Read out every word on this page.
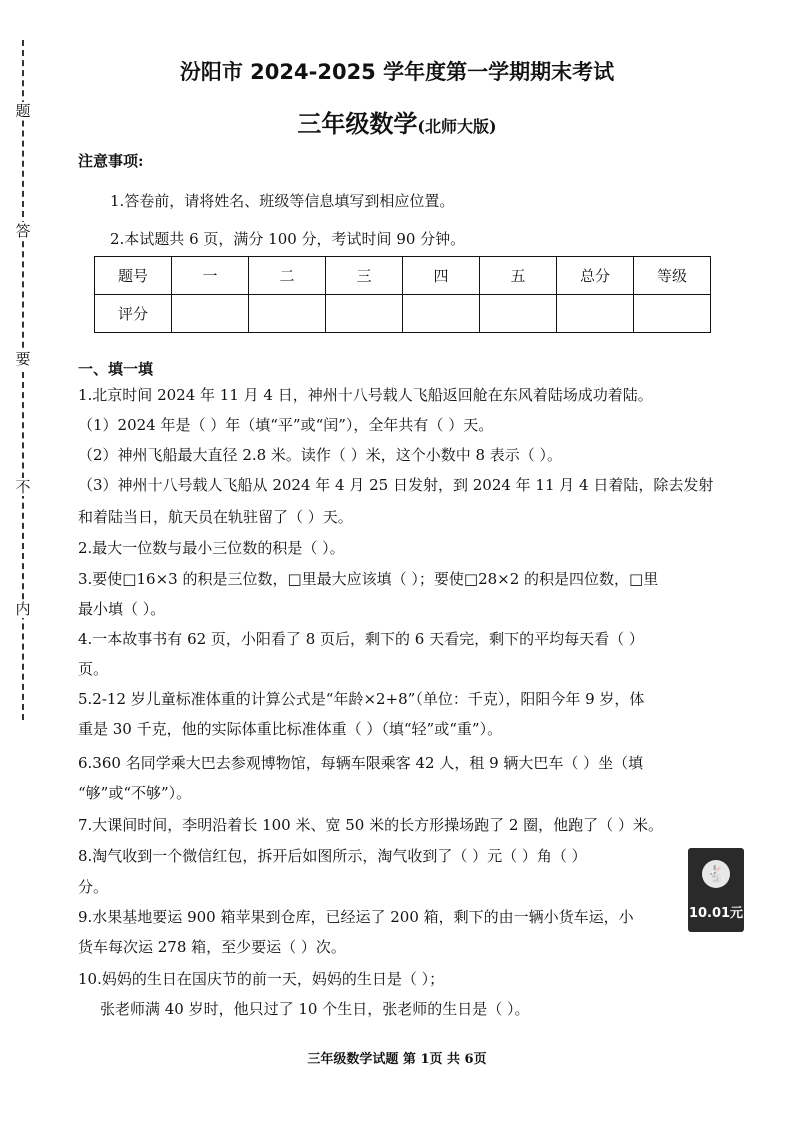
题
答
要
不
内
汾阳市 2024-2025 学年度第一学期期末考试
三年级数学(北师大版)
注意事项:
1.答卷前，请将姓名、班级等信息填写到相应位置。
2.本试题共 6 页，满分 100 分，考试时间 90 分钟。
题号	一	二	三	四	五	总分	等级
评分							
一、填一填
1.北京时间 2024 年 11 月 4 日，神州十八号载人飞船返回舱在东风着陆场成功着陆。
（1）2024 年是（ ）年（填“平”或“闰”），全年共有（ ）天。
（2）神州飞船最大直径 2.8 米。读作（ ）米，这个小数中 8 表示（ ）。
（3）神州十八号载人飞船从 2024 年 4 月 25 日发射，到 2024 年 11 月 4 日着陆，除去发射
和着陆当日，航天员在轨驻留了（ ）天。
2.最大一位数与最小三位数的积是（ ）。
3.要使□16×3 的积是三位数，□里最大应该填（ ）；要使□28×2 的积是四位数，□里
最小填（ ）。
4.一本故事书有 62 页，小阳看了 8 页后，剩下的 6 天看完，剩下的平均每天看（ ）
页。
5.2-12 岁儿童标准体重的计算公式是“年龄×2+8”（单位：千克），阳阳今年 9 岁，体
重是 30 千克，他的实际体重比标准体重（ ）（填“轻”或“重”）。
6.360 名同学乘大巴去参观博物馆，每辆车限乘客 42 人，租 9 辆大巴车（ ）坐（填
“够”或“不够”）。
7.大课间时间，李明沿着长 100 米、宽 50 米的长方形操场跑了 2 圈，他跑了（ ）米。
8.淘气收到一个微信红包，拆开后如图所示，淘气收到了（ ）元（ ）角（ ）
分。
9.水果基地要运 900 箱苹果到仓库，已经运了 200 箱，剩下的由一辆小货车运，小
货车每次运 278 箱，至少要运（ ）次。
10.妈妈的生日在国庆节的前一天，妈妈的生日是（ ）；
张老师满 40 岁时，他只过了 10 个生日，张老师的生日是（ ）。
🐇
10.01元
三年级数学试题 第 1页 共 6页
